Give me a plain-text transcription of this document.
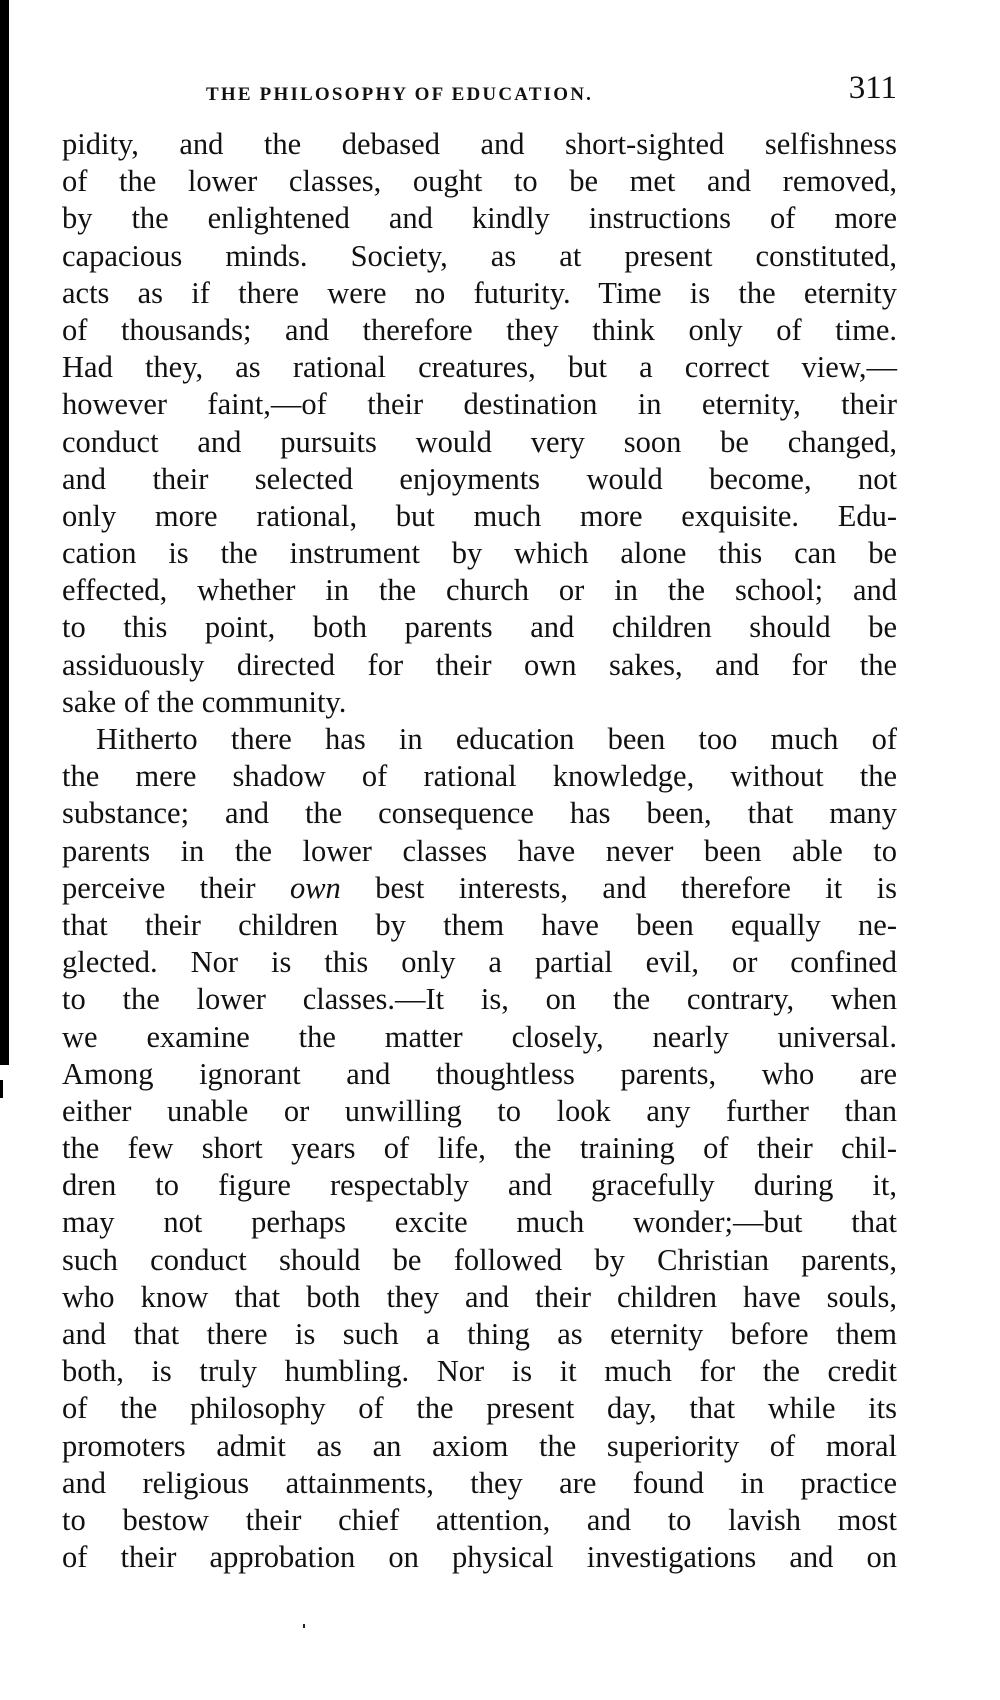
THE PHILOSOPHY OF EDUCATION.	311
pidity, and the debased and short-sighted selfishness
of the lower classes, ought to be met and removed,
by the enlightened and kindly instructions of more
capacious minds. Society, as at present constituted,
acts as if there were no futurity. Time is the eternity
of thousands; and therefore they think only of time.
Had they, as rational creatures, but a correct view,—
however faint,—of their destination in eternity, their
conduct and pursuits would very soon be changed,
and their selected enjoyments would become, not
only more rational, but much more exquisite. Edu-
cation is the instrument by which alone this can be
effected, whether in the church or in the school; and
to this point, both parents and children should be
assiduously directed for their own sakes, and for the
sake of the community.
Hitherto there has in education been too much of
the mere shadow of rational knowledge, without the
substance; and the consequence has been, that many
parents in the lower classes have never been able to
perceive their own best interests, and therefore it is
that their children by them have been equally ne-
glected. Nor is this only a partial evil, or confined
to the lower classes.—It is, on the contrary, when
we examine the matter closely, nearly universal.
Among ignorant and thoughtless parents, who are
either unable or unwilling to look any further than
the few short years of life, the training of their chil-
dren to figure respectably and gracefully during it,
may not perhaps excite much wonder;—but that
such conduct should be followed by Christian parents,
who know that both they and their children have souls,
and that there is such a thing as eternity before them
both, is truly humbling. Nor is it much for the credit
of the philosophy of the present day, that while its
promoters admit as an axiom the superiority of moral
and religious attainments, they are found in practice
to bestow their chief attention, and to lavish most
of their approbation on physical investigations and on
